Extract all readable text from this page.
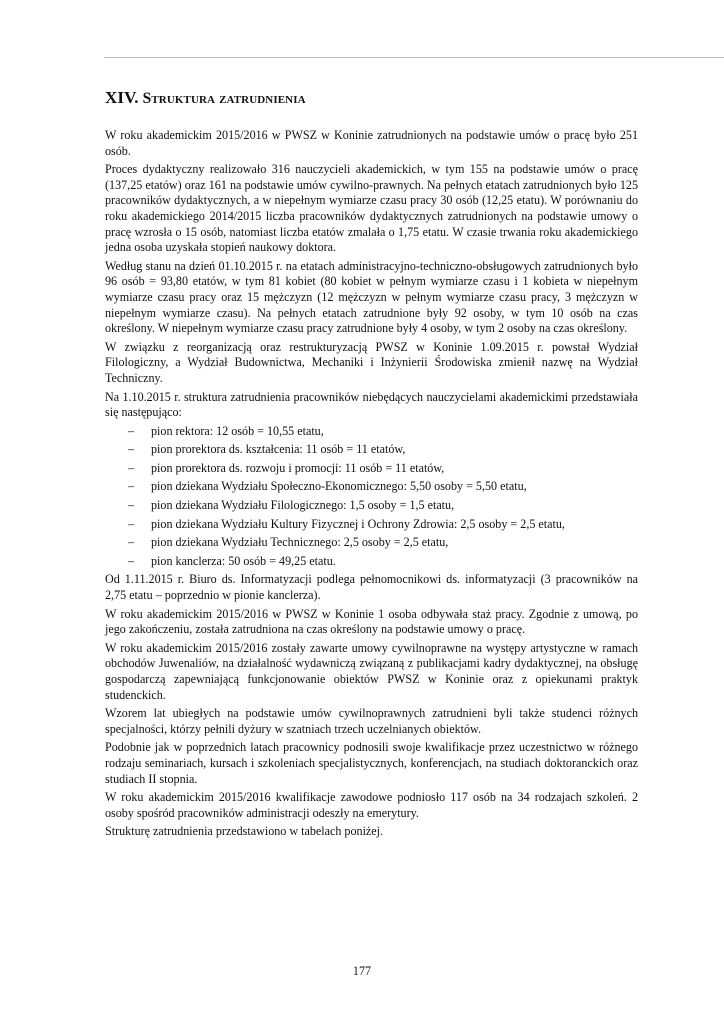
XIV. Struktura zatrudnienia

W roku akademickim 2015/2016 w PWSZ w Koninie zatrudnionych na podstawie umów o pracę było 251 osób.

Proces dydaktyczny realizowało 316 nauczycieli akademickich, w tym 155 na podstawie umów o pracę (137,25 etatów) oraz 161 na podstawie umów cywilno-prawnych. Na pełnych etatach zatrudnionych było 125 pracowników dydaktycznych, a w niepełnym wymiarze czasu pracy 30 osób (12,25 etatu). W porównaniu do roku akademickiego 2014/2015 liczba pracowników dydaktycznych zatrudnionych na podstawie umowy o pracę wzrosła o 15 osób, natomiast liczba etatów zmalała o 1,75 etatu. W czasie trwania roku akademickiego jedna osoba uzyskała stopień naukowy doktora.

Według stanu na dzień 01.10.2015 r. na etatach administracyjno-techniczno-obsługowych zatrudnionych było 96 osób = 93,80 etatów, w tym 81 kobiet (80 kobiet w pełnym wymiarze czasu i 1 kobieta w niepełnym wymiarze czasu pracy oraz 15 mężczyzn (12 mężczyzn w pełnym wymiarze czasu pracy, 3 mężczyzn w niepełnym wymiarze czasu). Na pełnych etatach zatrudnione były 92 osoby, w tym 10 osób na czas określony. W niepełnym wymiarze czasu pracy zatrudnione były 4 osoby, w tym 2 osoby na czas określony.

W związku z reorganizacją oraz restrukturyzacją PWSZ w Koninie 1.09.2015 r. powstał Wydział Filologiczny, a Wydział Budownictwa, Mechaniki i Inżynierii Środowiska zmienił nazwę na Wydział Techniczny.

Na 1.10.2015 r. struktura zatrudnienia pracowników niebędących nauczycielami akademickimi przedstawiała się następująco:

– pion rektora: 12 osób = 10,55 etatu,
– pion prorektora ds. kształcenia: 11 osób = 11 etatów,
– pion prorektora ds. rozwoju i promocji: 11 osób = 11 etatów,
– pion dziekana Wydziału Społeczno-Ekonomicznego: 5,50 osoby = 5,50 etatu,
– pion dziekana Wydziału Filologicznego: 1,5 osoby = 1,5 etatu,
– pion dziekana Wydziału Kultury Fizycznej i Ochrony Zdrowia: 2,5 osoby = 2,5 etatu,
– pion dziekana Wydziału Technicznego: 2,5 osoby = 2,5 etatu,
– pion kanclerza: 50 osób = 49,25 etatu.

Od 1.11.2015 r. Biuro ds. Informatyzacji podlega pełnomocnikowi ds. informatyzacji (3 pracowników na 2,75 etatu – poprzednio w pionie kanclerza).

W roku akademickim 2015/2016 w PWSZ w Koninie 1 osoba odbywała staż pracy. Zgodnie z umową, po jego zakończeniu, została zatrudniona na czas określony na podstawie umowy o pracę.

W roku akademickim 2015/2016 zostały zawarte umowy cywilnoprawne na występy artystyczne w ramach obchodów Juwenaliów, na działalność wydawniczą związaną z publikacjami kadry dydaktycznej, na obsługę gospodarczą zapewniającą funkcjonowanie obiektów PWSZ w Koninie oraz z opiekunami praktyk studenckich.

Wzorem lat ubiegłych na podstawie umów cywilnoprawnych zatrudnieni byli także studenci różnych specjalności, którzy pełnili dyżury w szatniach trzech uczelnianych obiektów.

Podobnie jak w poprzednich latach pracownicy podnosili swoje kwalifikacje przez uczestnictwo w różnego rodzaju seminariach, kursach i szkoleniach specjalistycznych, konferencjach, na studiach doktoranckich oraz studiach II stopnia.

W roku akademickim 2015/2016 kwalifikacje zawodowe podniosło 117 osób na 34 rodzajach szkoleń. 2 osoby spośród pracowników administracji odeszły na emerytury.

Strukturę zatrudnienia przedstawiono w tabelach poniżej.

177
